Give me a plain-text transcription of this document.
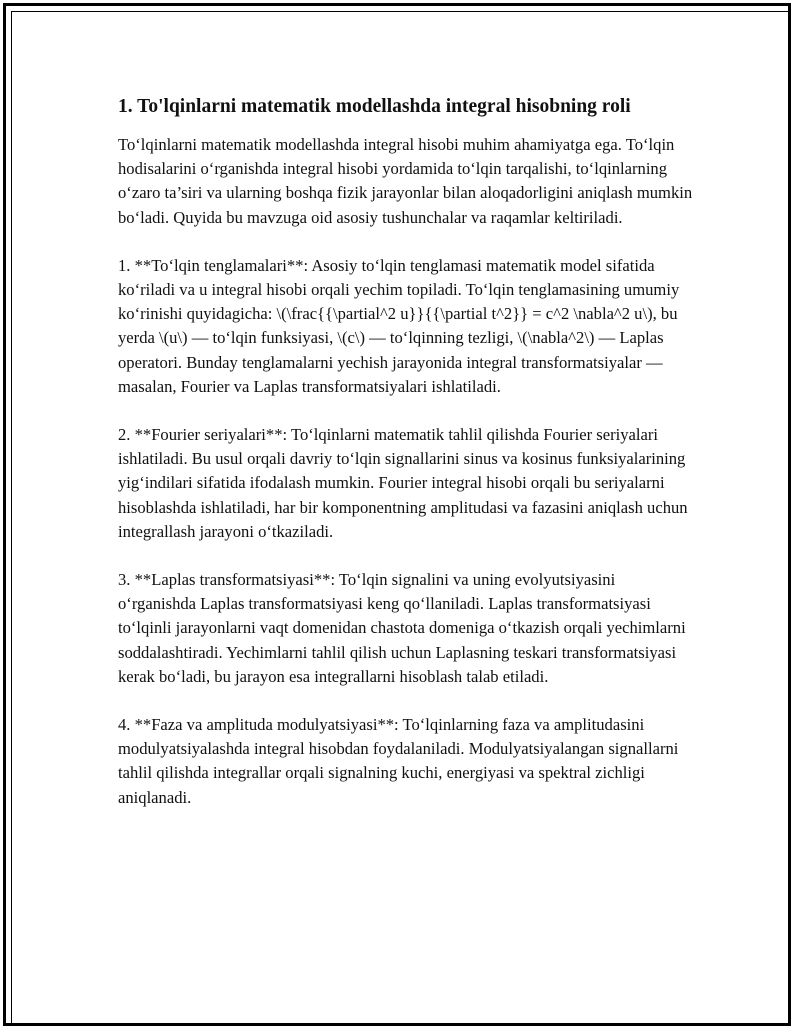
1. To'lqinlarni matematik modellashda integral hisobning roli

To‘lqinlarni matematik modellashda integral hisobi muhim ahamiyatga ega. To‘lqin hodisalarini o‘rganishda integral hisobi yordamida to‘lqin tarqalishi, to‘lqinlarning o‘zaro ta’siri va ularning boshqa fizik jarayonlar bilan aloqadorligini aniqlash mumkin bo‘ladi. Quyida bu mavzuga oid asosiy tushunchalar va raqamlar keltiriladi.

1. **To‘lqin tenglamalari**: Asosiy to‘lqin tenglamasi matematik model sifatida ko‘riladi va u integral hisobi orqali yechim topiladi. To‘lqin tenglamasining umumiy ko‘rinishi quyidagicha: \(\frac{{\partial^2 u}}{{\partial t^2}} = c^2 \nabla^2 u\), bu yerda \(u\) — to‘lqin funksiyasi, \(c\) — to‘lqinning tezligi, \(\nabla^2\) — Laplas operatori. Bunday tenglamalarni yechish jarayonida integral transformatsiyalar — masalan, Fourier va Laplas transformatsiyalari ishlatiladi.

2. **Fourier seriyalari**: To‘lqinlarni matematik tahlil qilishda Fourier seriyalari ishlatiladi. Bu usul orqali davriy to‘lqin signallarini sinus va kosinus funksiyalarining yig‘indilari sifatida ifodalash mumkin. Fourier integral hisobi orqali bu seriyalarni hisoblashda ishlatiladi, har bir komponentning amplitudasi va fazasini aniqlash uchun integrallash jarayoni o‘tkaziladi.

3. **Laplas transformatsiyasi**: To‘lqin signalini va uning evolyutsiyasini o‘rganishda Laplas transformatsiyasi keng qo‘llaniladi. Laplas transformatsiyasi to‘lqinli jarayonlarni vaqt domenidan chastota domeniga o‘tkazish orqali yechimlarni soddalashtiradi. Yechimlarni tahlil qilish uchun Laplasning teskari transformatsiyasi kerak bo‘ladi, bu jarayon esa integrallarni hisoblash talab etiladi.

4. **Faza va amplituda modulyatsiyasi**: To‘lqinlarning faza va amplitudasini modulyatsiyalashda integral hisobdan foydalaniladi. Modulyatsiyalangan signallarni tahlil qilishda integrallar orqali signalning kuchi, energiyasi va spektral zichligi aniqlanadi.
